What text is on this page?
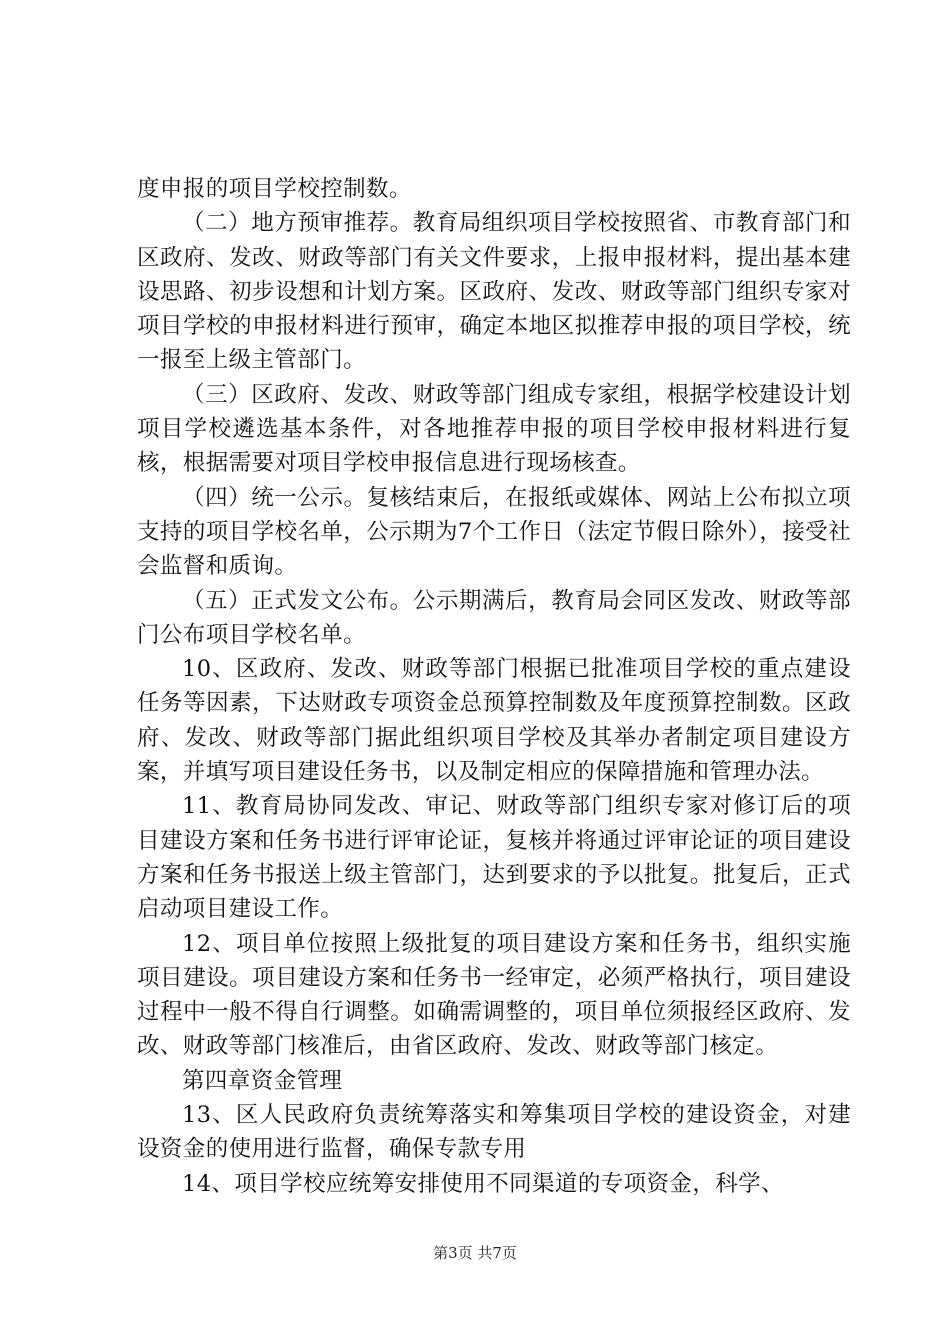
度申报的项目学校控制数。

（二）地方预审推荐。教育局组织项目学校按照省、市教育部门和区政府、发改、财政等部门有关文件要求，上报申报材料，提出基本建设思路、初步设想和计划方案。区政府、发改、财政等部门组织专家对项目学校的申报材料进行预审，确定本地区拟推荐申报的项目学校，统一报至上级主管部门。

（三）区政府、发改、财政等部门组成专家组，根据学校建设计划项目学校遴选基本条件，对各地推荐申报的项目学校申报材料进行复核，根据需要对项目学校申报信息进行现场核查。

（四）统一公示。复核结束后，在报纸或媒体、网站上公布拟立项支持的项目学校名单，公示期为7个工作日（法定节假日除外），接受社会监督和质询。

（五）正式发文公布。公示期满后，教育局会同区发改、财政等部门公布项目学校名单。

10、区政府、发改、财政等部门根据已批准项目学校的重点建设任务等因素，下达财政专项资金总预算控制数及年度预算控制数。区政府、发改、财政等部门据此组织项目学校及其举办者制定项目建设方案，并填写项目建设任务书，以及制定相应的保障措施和管理办法。

11、教育局协同发改、审记、财政等部门组织专家对修订后的项目建设方案和任务书进行评审论证，复核并将通过评审论证的项目建设方案和任务书报送上级主管部门，达到要求的予以批复。批复后，正式启动项目建设工作。

12、项目单位按照上级批复的项目建设方案和任务书，组织实施项目建设。项目建设方案和任务书一经审定，必须严格执行，项目建设过程中一般不得自行调整。如确需调整的，项目单位须报经区政府、发改、财政等部门核准后，由省区政府、发改、财政等部门核定。

第四章资金管理

13、区人民政府负责统筹落实和筹集项目学校的建设资金，对建设资金的使用进行监督，确保专款专用

14、项目学校应统筹安排使用不同渠道的专项资金，科学、

第3页 共7页
